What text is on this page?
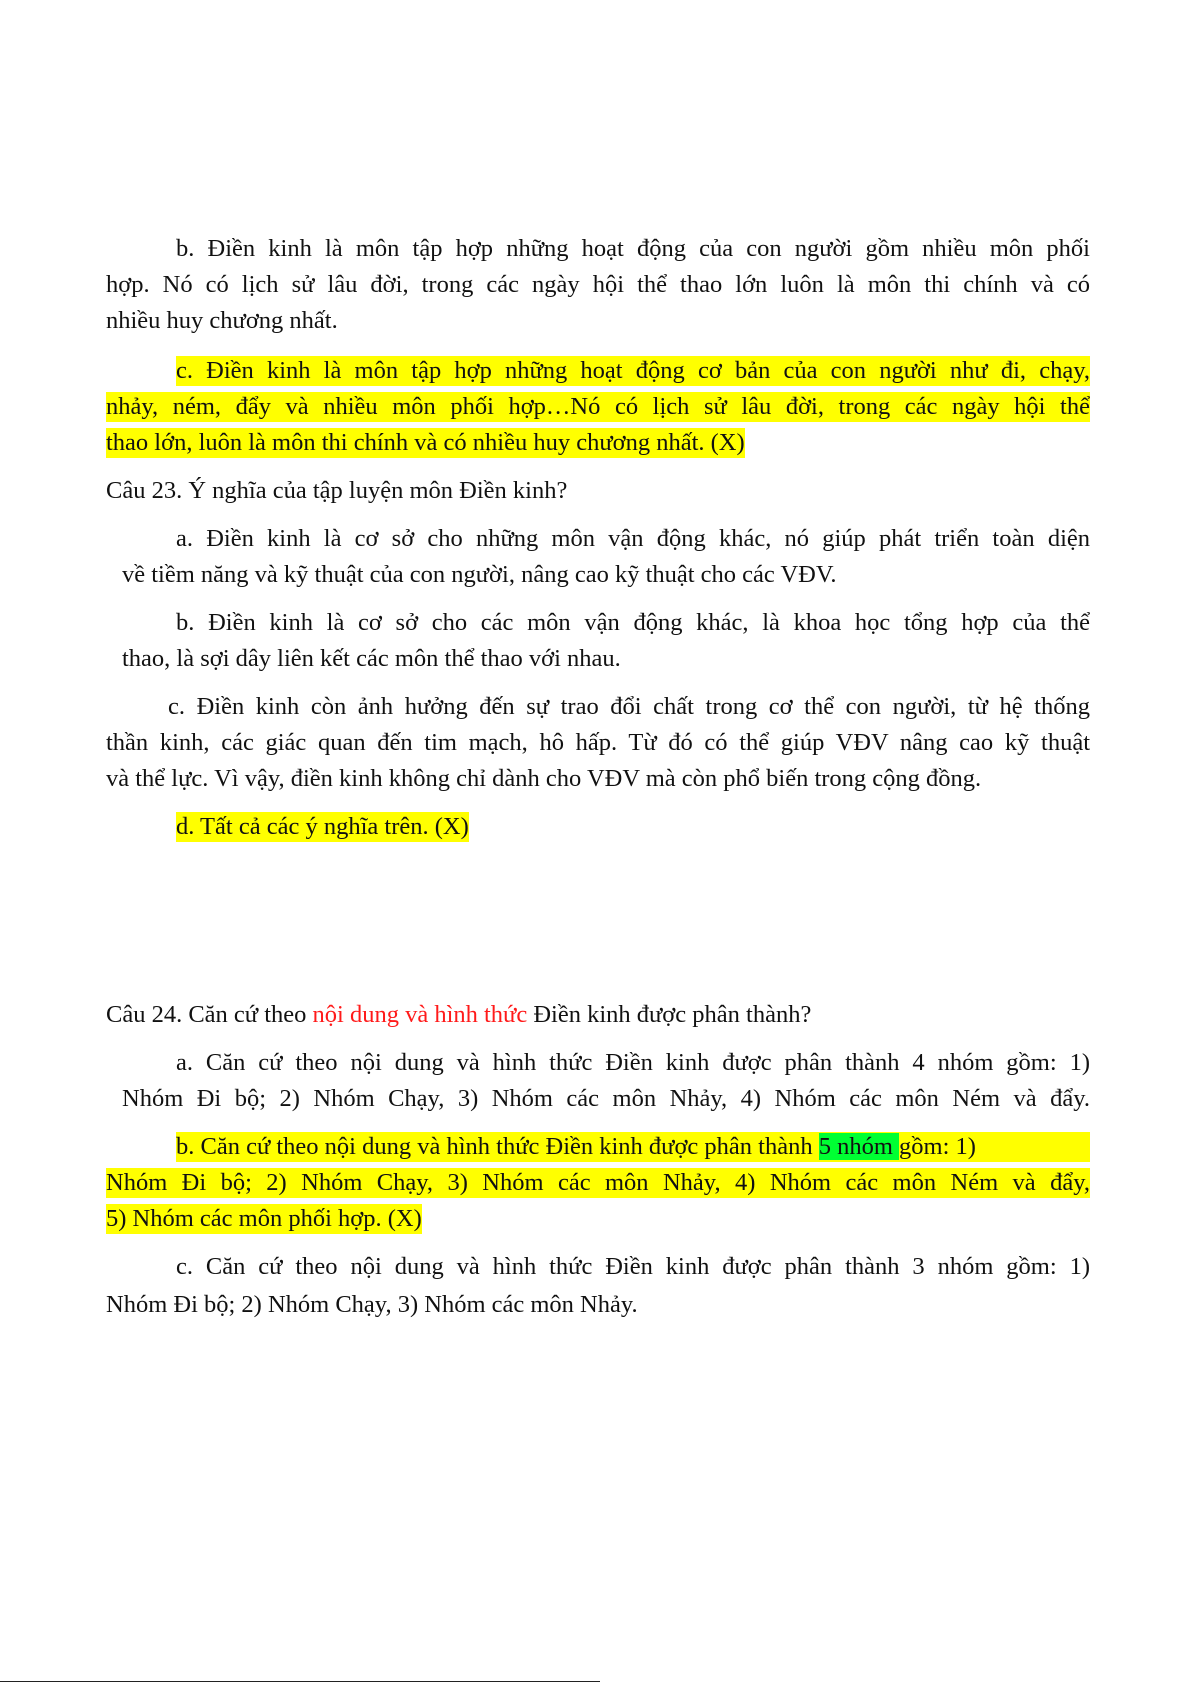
b. Điền kinh là môn tập hợp những hoạt động của con người gồm nhiều môn phối
hợp. Nó có lịch sử lâu đời, trong các ngày hội thể thao lớn luôn là môn thi chính và có
nhiều huy chương nhất.
c. Điền kinh là môn tập hợp những hoạt động cơ bản của con người như đi, chạy,
nhảy, ném, đẩy và nhiều môn phối hợp…Nó có lịch sử lâu đời, trong các ngày hội thể
thao lớn, luôn là môn thi chính và có nhiều huy chương nhất. (X)
Câu 23. Ý nghĩa của tập luyện môn Điền kinh?
a. Điền kinh là cơ sở cho những môn vận động khác, nó giúp phát triển toàn diện
về tiềm năng và kỹ thuật của con người, nâng cao kỹ thuật cho các VĐV.
b. Điền kinh là cơ sở cho các môn vận động khác, là khoa học tổng hợp của thể
thao, là sợi dây liên kết các môn thể thao với nhau.
c. Điền kinh còn ảnh hưởng đến sự trao đổi chất trong cơ thể con người, từ hệ thống
thần kinh, các giác quan đến tim mạch, hô hấp. Từ đó có thể giúp VĐV nâng cao kỹ thuật
và thể lực. Vì vậy, điền kinh không chỉ dành cho VĐV mà còn phổ biến trong cộng đồng.
d. Tất cả các ý nghĩa trên. (X)
Câu 24. Căn cứ theo nội dung và hình thức Điền kinh được phân thành?
a. Căn cứ theo nội dung và hình thức Điền kinh được phân thành 4 nhóm gồm: 1)
Nhóm Đi bộ; 2) Nhóm Chạy, 3) Nhóm các môn Nhảy, 4) Nhóm các môn Ném và đẩy.
b. Căn cứ theo nội dung và hình thức Điền kinh được phân thành 5 nhóm gồm: 1)
Nhóm Đi bộ; 2) Nhóm Chạy, 3) Nhóm các môn Nhảy, 4) Nhóm các môn Ném và đẩy,
5) Nhóm các môn phối hợp. (X)
c. Căn cứ theo nội dung và hình thức Điền kinh được phân thành 3 nhóm gồm: 1)
Nhóm Đi bộ; 2) Nhóm Chạy, 3) Nhóm các môn Nhảy.
